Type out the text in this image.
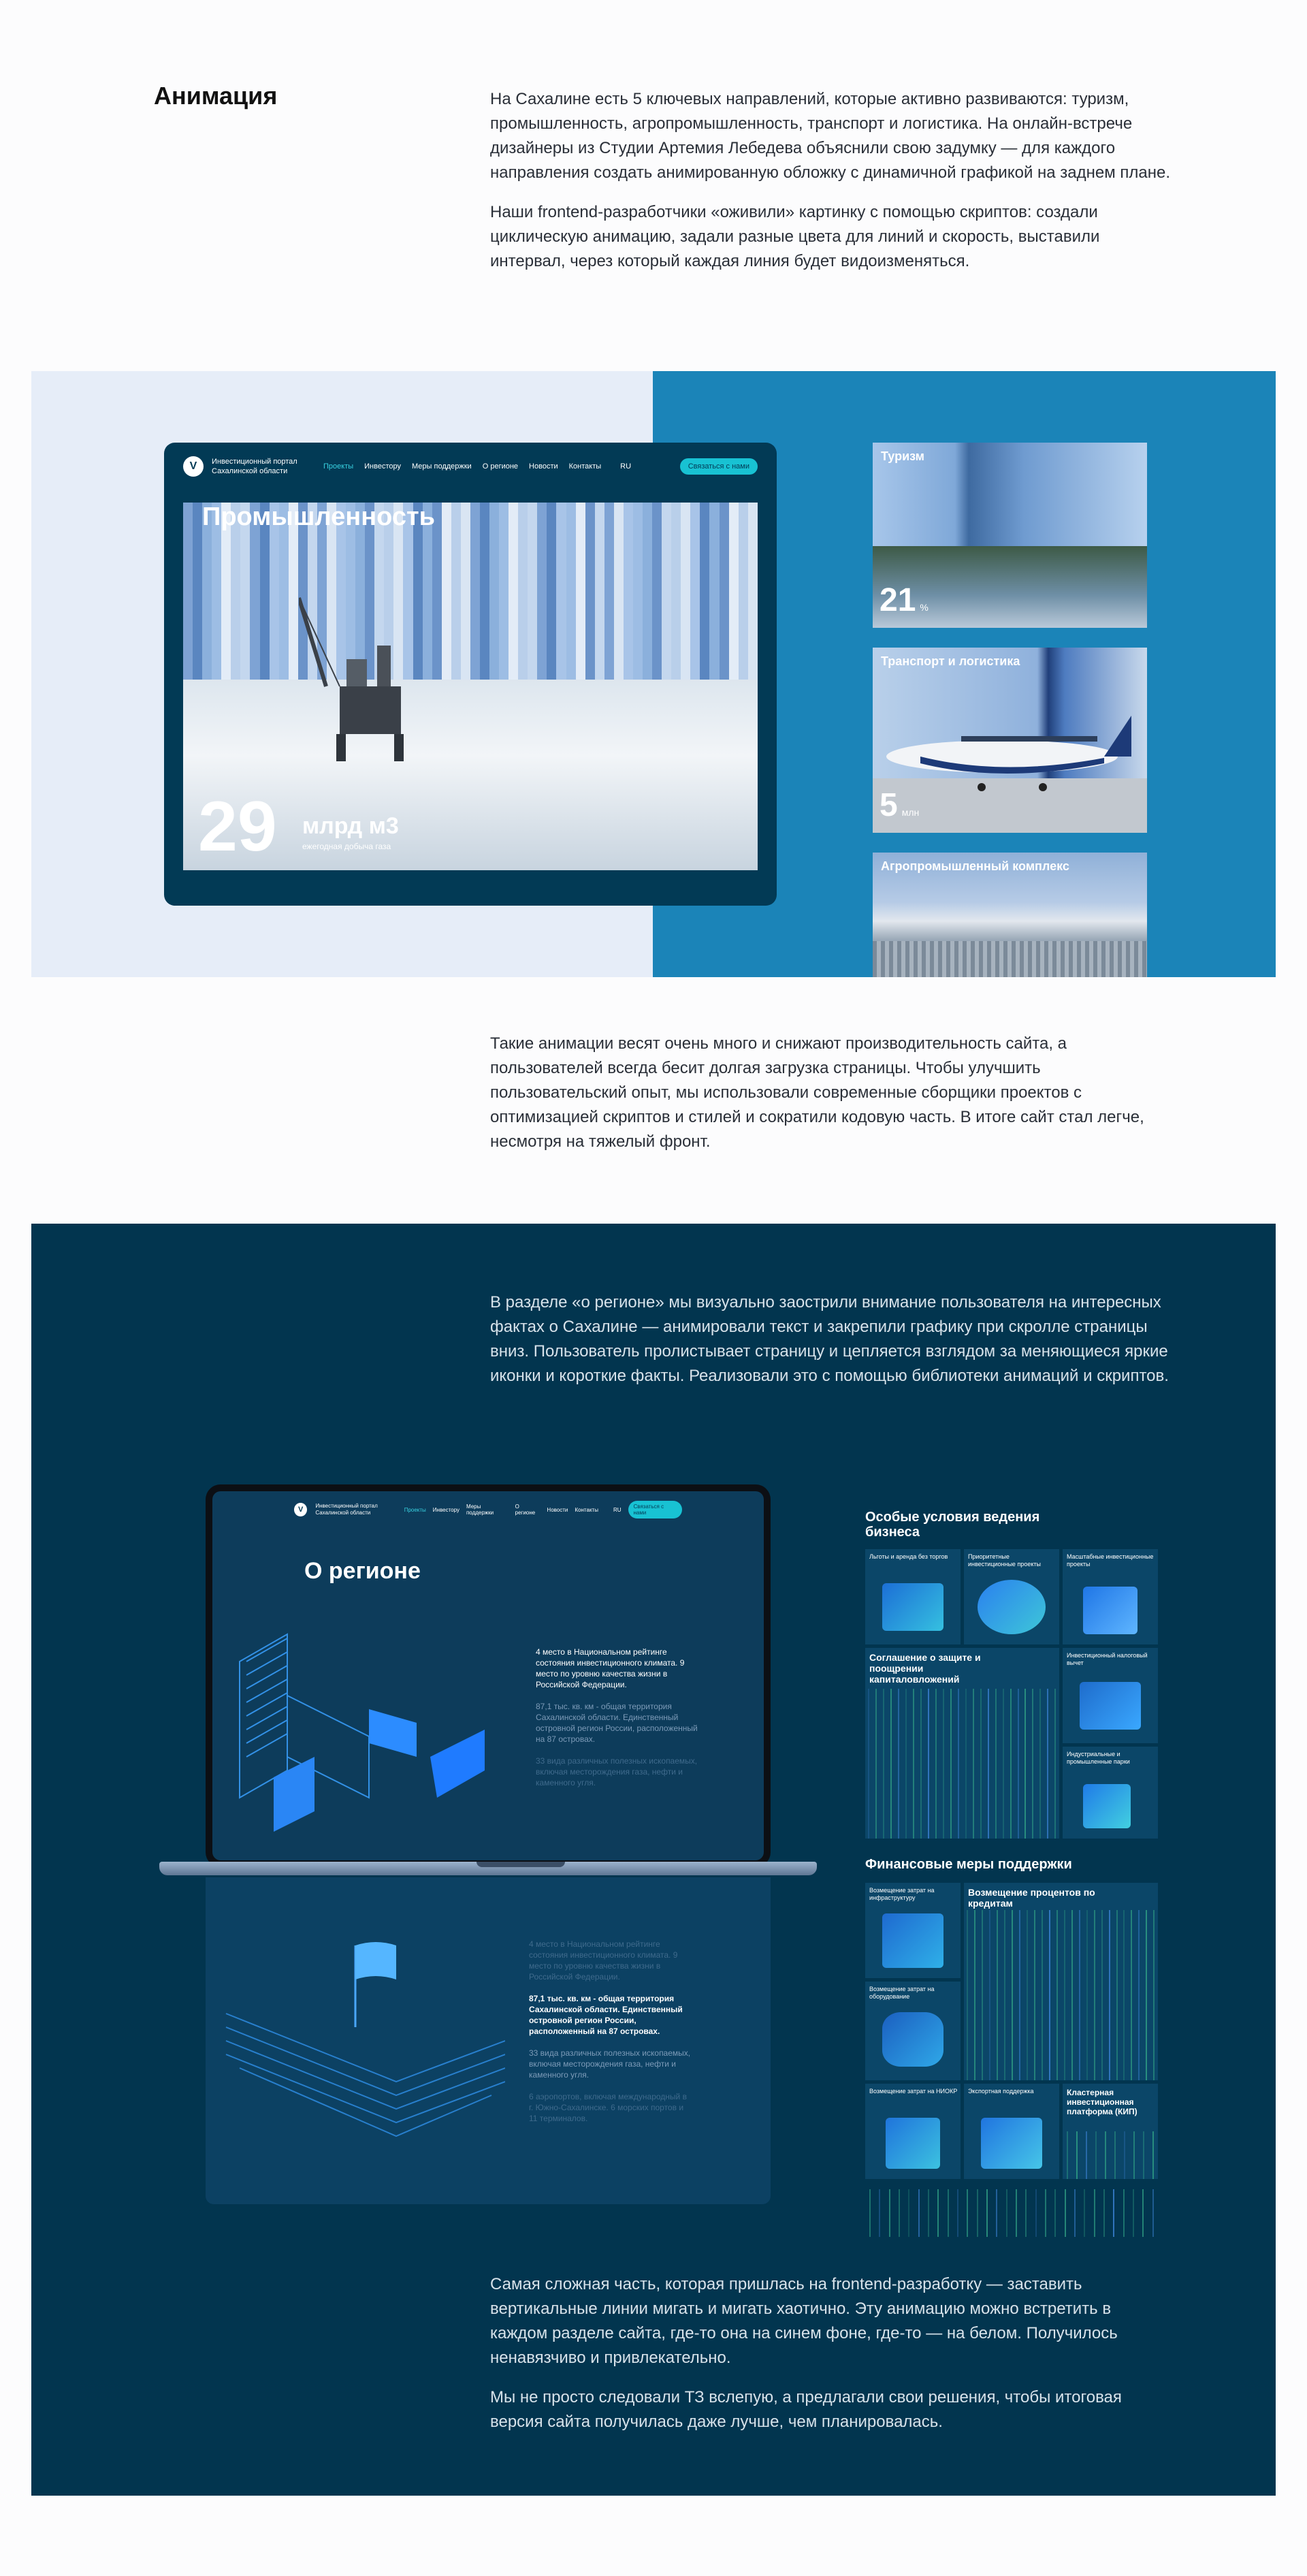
Анимация	На Сахалине есть 5 ключевых направлений, которые активно развиваются: туризм, промышленность, агропромышленность, транспорт и логистика. На онлайн-встрече дизайнеры из Студии Артемия Лебедева объяснили свою задумку — для каждого направления создать анимированную обложку с динамичной графикой на заднем плане.

Наши frontend-разработчики «оживили» картинку с помощью скриптов: создали циклическую анимацию, задали разные цвета для линий и скорость, выставили интервал, через который каждая линия будет видоизменяться.

V	Инвестиционный портал Сахалинской области
Проекты Инвестору Меры поддержки О регионе Новости Контакты	RU	Связаться с нами
Промышленность
29 млрд м3
ежегодная добыча газа
Туризм
21 %
Транспорт и логистика
5 млн
Агропромышленный комплекс

Такие анимации весят очень много и снижают производительность сайта, а пользователей всегда бесит долгая загрузка страницы. Чтобы улучшить пользовательский опыт, мы использовали современные сборщики проектов с оптимизацией скриптов и стилей и сократили кодовую часть. В итоге сайт стал легче, несмотря на тяжелый фронт.

В разделе «о регионе» мы визуально заострили внимание пользователя на интересных фактах о Сахалине — анимировали текст и закрепили графику при скролле страницы вниз. Пользователь пролистывает страницу и цепляется взглядом за меняющиеся яркие иконки и короткие факты. Реализовали это с помощью библиотеки анимаций и скриптов.

V	Инвестиционный портал Сахалинской области	Проекты Инвестору Меры поддержки
О регионе	Новости Контакты	RU	Связаться с нами
О регионе

4 место в Национальном рейтинге состояния инвестиционного климата. 9 место по уровню качества жизни в Российской Федерации.

87,1 тыс. кв. км - общая территория Сахалинской области. Единственный островной регион России, расположенный на 87 островах.

33 вида различных полезных ископаемых, включая месторождения газа, нефти и каменного угля.

4 место в Национальном рейтинге состояния инвестиционного климата. 9 место по уровню качества жизни в Российской Федерации.

87,1 тыс. кв. км - общая территория Сахалинской области. Единственный островной регион России, расположенный на 87 островах.

33 вида различных полезных ископаемых, включая месторождения газа, нефти и каменного угля.

6 аэропортов, включая международный в г. Южно-Сахалинске. 6 морских портов и 11 терминалов.

Особые условия ведения бизнеса
Льготы и аренда без торгов	Приоритетные инвестиционные проекты
Масштабные инвестиционные проекты
Соглашение о защите и поощрении капиталовложений
Инвестиционный налоговый вычет
Индустриальные и промышленные парки
Финансовые меры поддержки
Возмещение затрат на инфраструктуру	Возмещение процентов по кредитам
Возмещение затрат на оборудование
Возмещение затрат на НИОКР Экспортная поддержка	Кластерная инвестиционная платформа (КИП)

Самая сложная часть, которая пришлась на frontend-разработку — заставить вертикальные линии мигать и мигать хаотично. Эту анимацию можно встретить в каждом разделе сайта, где-то она на синем фоне, где-то — на белом. Получилось ненавязчиво и привлекательно.

Мы не просто следовали ТЗ вслепую, а предлагали свои решения, чтобы итоговая версия сайта получилась даже лучше, чем планировалась.
